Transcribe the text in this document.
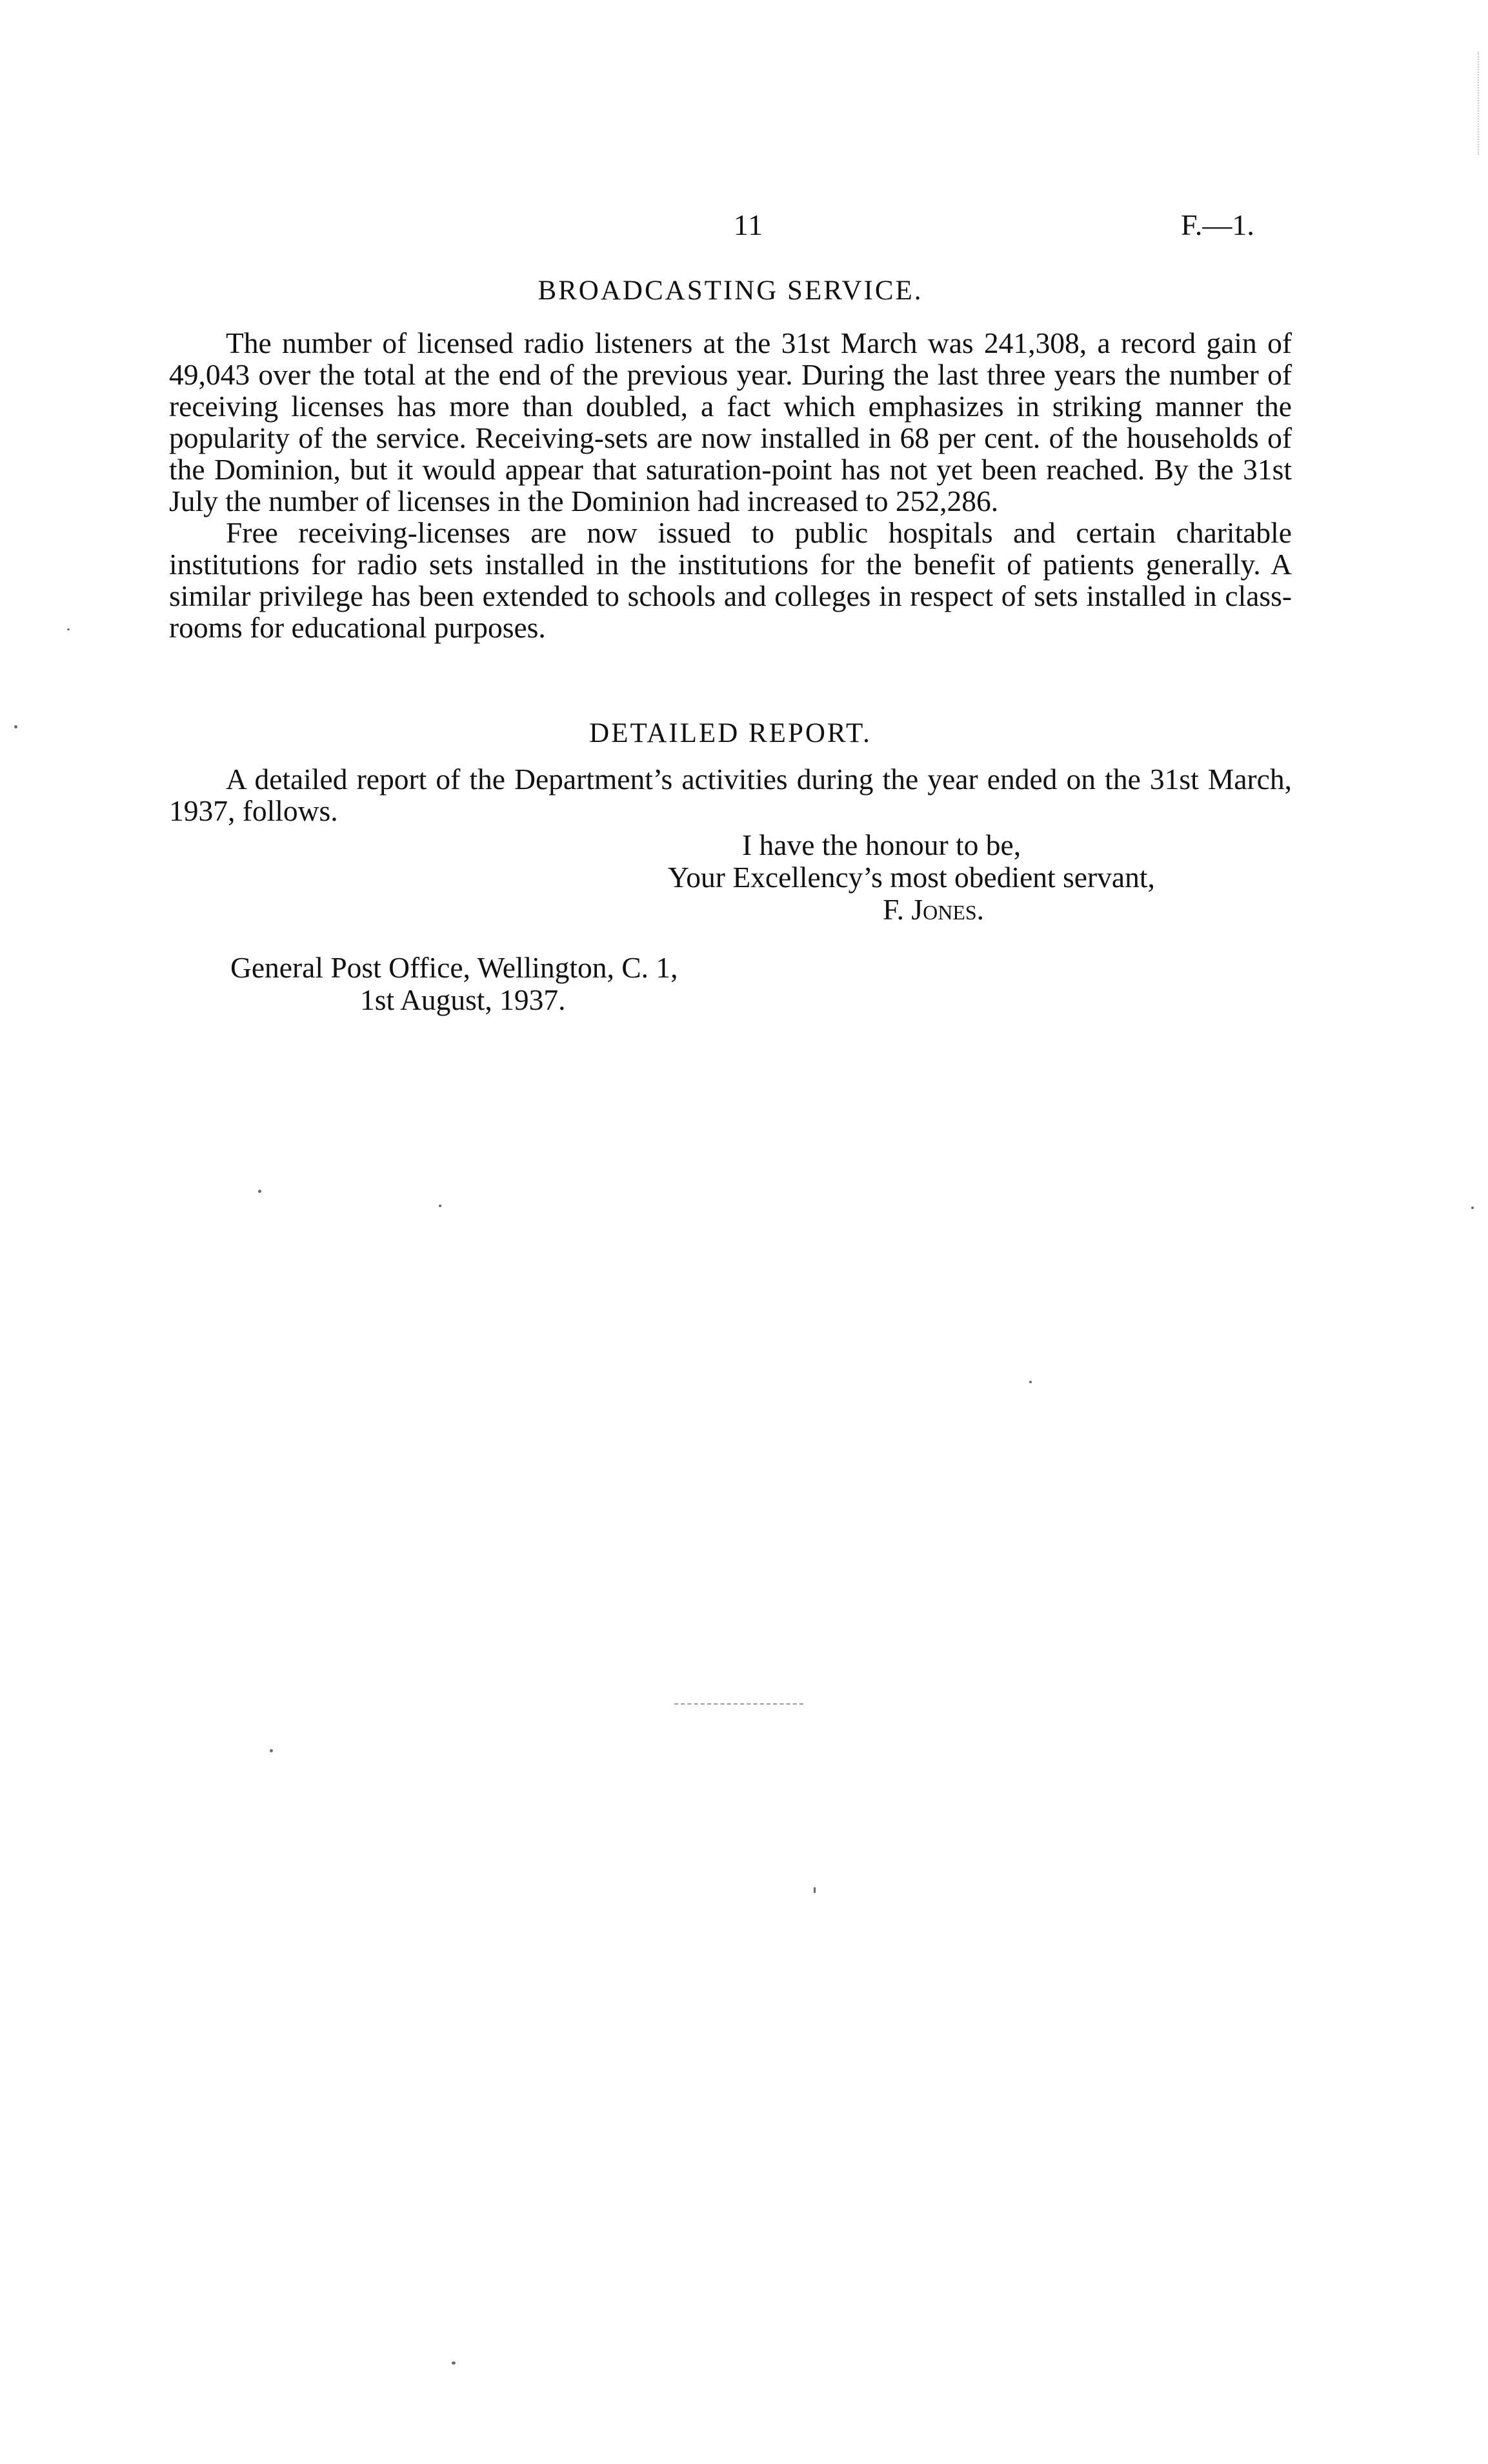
11	F.—1.
BROADCASTING SERVICE.

The number of licensed radio listeners at the 31st March was 241,308, a record gain of 49,043 over the total at the end of the previous year. During the last three years the number of receiving licenses has more than doubled, a fact which emphasizes in striking manner the popularity of the service. Receiving-sets are now installed in 68 per cent. of the households of the Dominion, but it would appear that saturation-point has not yet been reached. By the 31st July the number of licenses in the Dominion had increased to 252,286.

Free receiving-licenses are now issued to public hospitals and certain charitable institutions for radio sets installed in the institutions for the benefit of patients generally. A similar privilege has been extended to schools and colleges in respect of sets installed in class-rooms for educational purposes.

DETAILED REPORT.

A detailed report of the Department’s activities during the year ended on the 31st March, 1937, follows.

I have the honour to be,
Your Excellency’s most obedient servant,
F. Jones.
General Post Office, Wellington, C. 1,
1st August, 1937.
